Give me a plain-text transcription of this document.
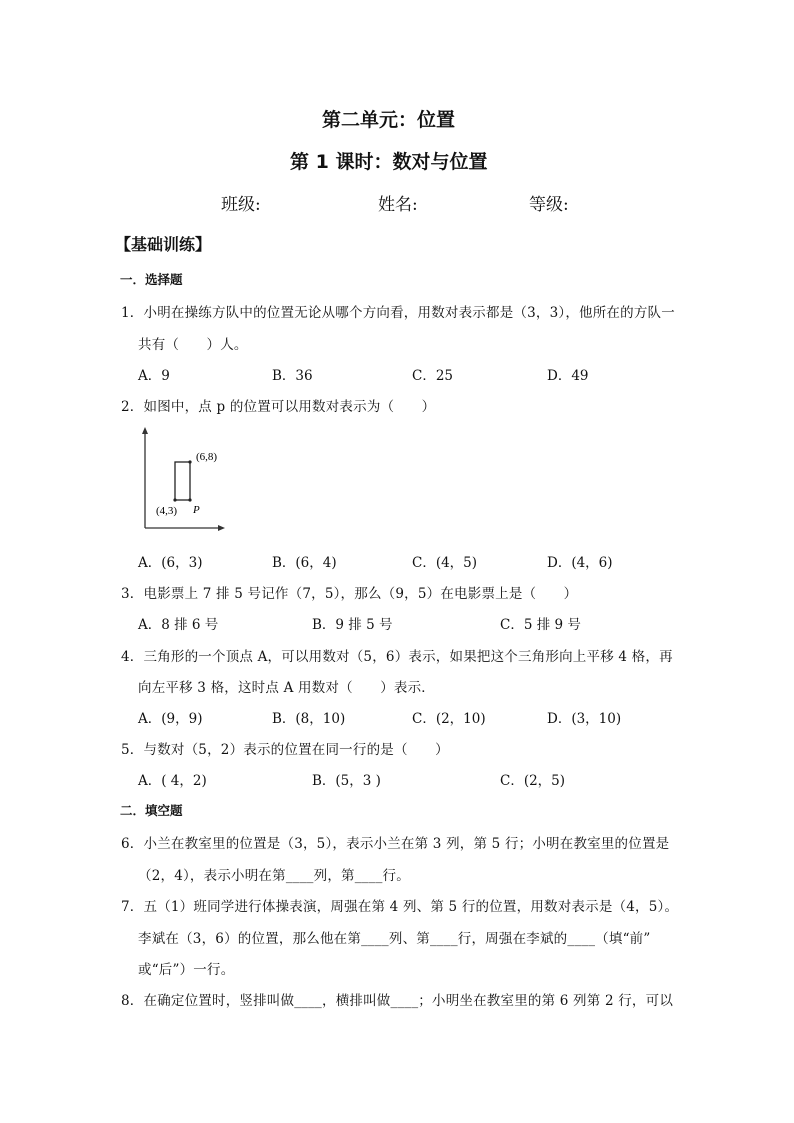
第二单元：位置
第 1 课时：数对与位置
班级:	姓名:	等级:
【基础训练】
一．选择题
1．小明在操练方队中的位置无论从哪个方向看，用数对表示都是（3，3），他所在的方队一
共有（　　）人。
A．9	B．36	C．25	D．49
2．如图中，点 p 的位置可以用数对表示为（　　）
(6,8)
(4,3) P
A．(6，3)	B．(6，4)	C．(4，5)	D．(4，6)
3．电影票上 7 排 5 号记作（7，5），那么（9，5）在电影票上是（　　）
A．8 排 6 号	B．9 排 5 号	C．5 排 9 号
4．三角形的一个顶点 A，可以用数对（5，6）表示，如果把这个三角形向上平移 4 格，再
向左平移 3 格，这时点 A 用数对（　　）表示．
A．(9，9)	B．(8，10)	C．(2，10)	D．(3，10)
5．与数对（5，2）表示的位置在同一行的是（　　）
A．( 4，2)	B．(5，3 )	C．(2，5)
二．填空题
6．小兰在教室里的位置是（3，5），表示小兰在第 3 列，第 5 行；小明在教室里的位置是
（2，4），表示小明在第____列，第____行。
7．五（1）班同学进行体操表演，周强在第 4 列、第 5 行的位置，用数对表示是（4，5）。
李斌在（3，6）的位置，那么他在第____列、第____行，周强在李斌的____（填“前”
或“后”）一行。
8．在确定位置时，竖排叫做____，横排叫做____；小明坐在教室里的第 6 列第 2 行，可以
